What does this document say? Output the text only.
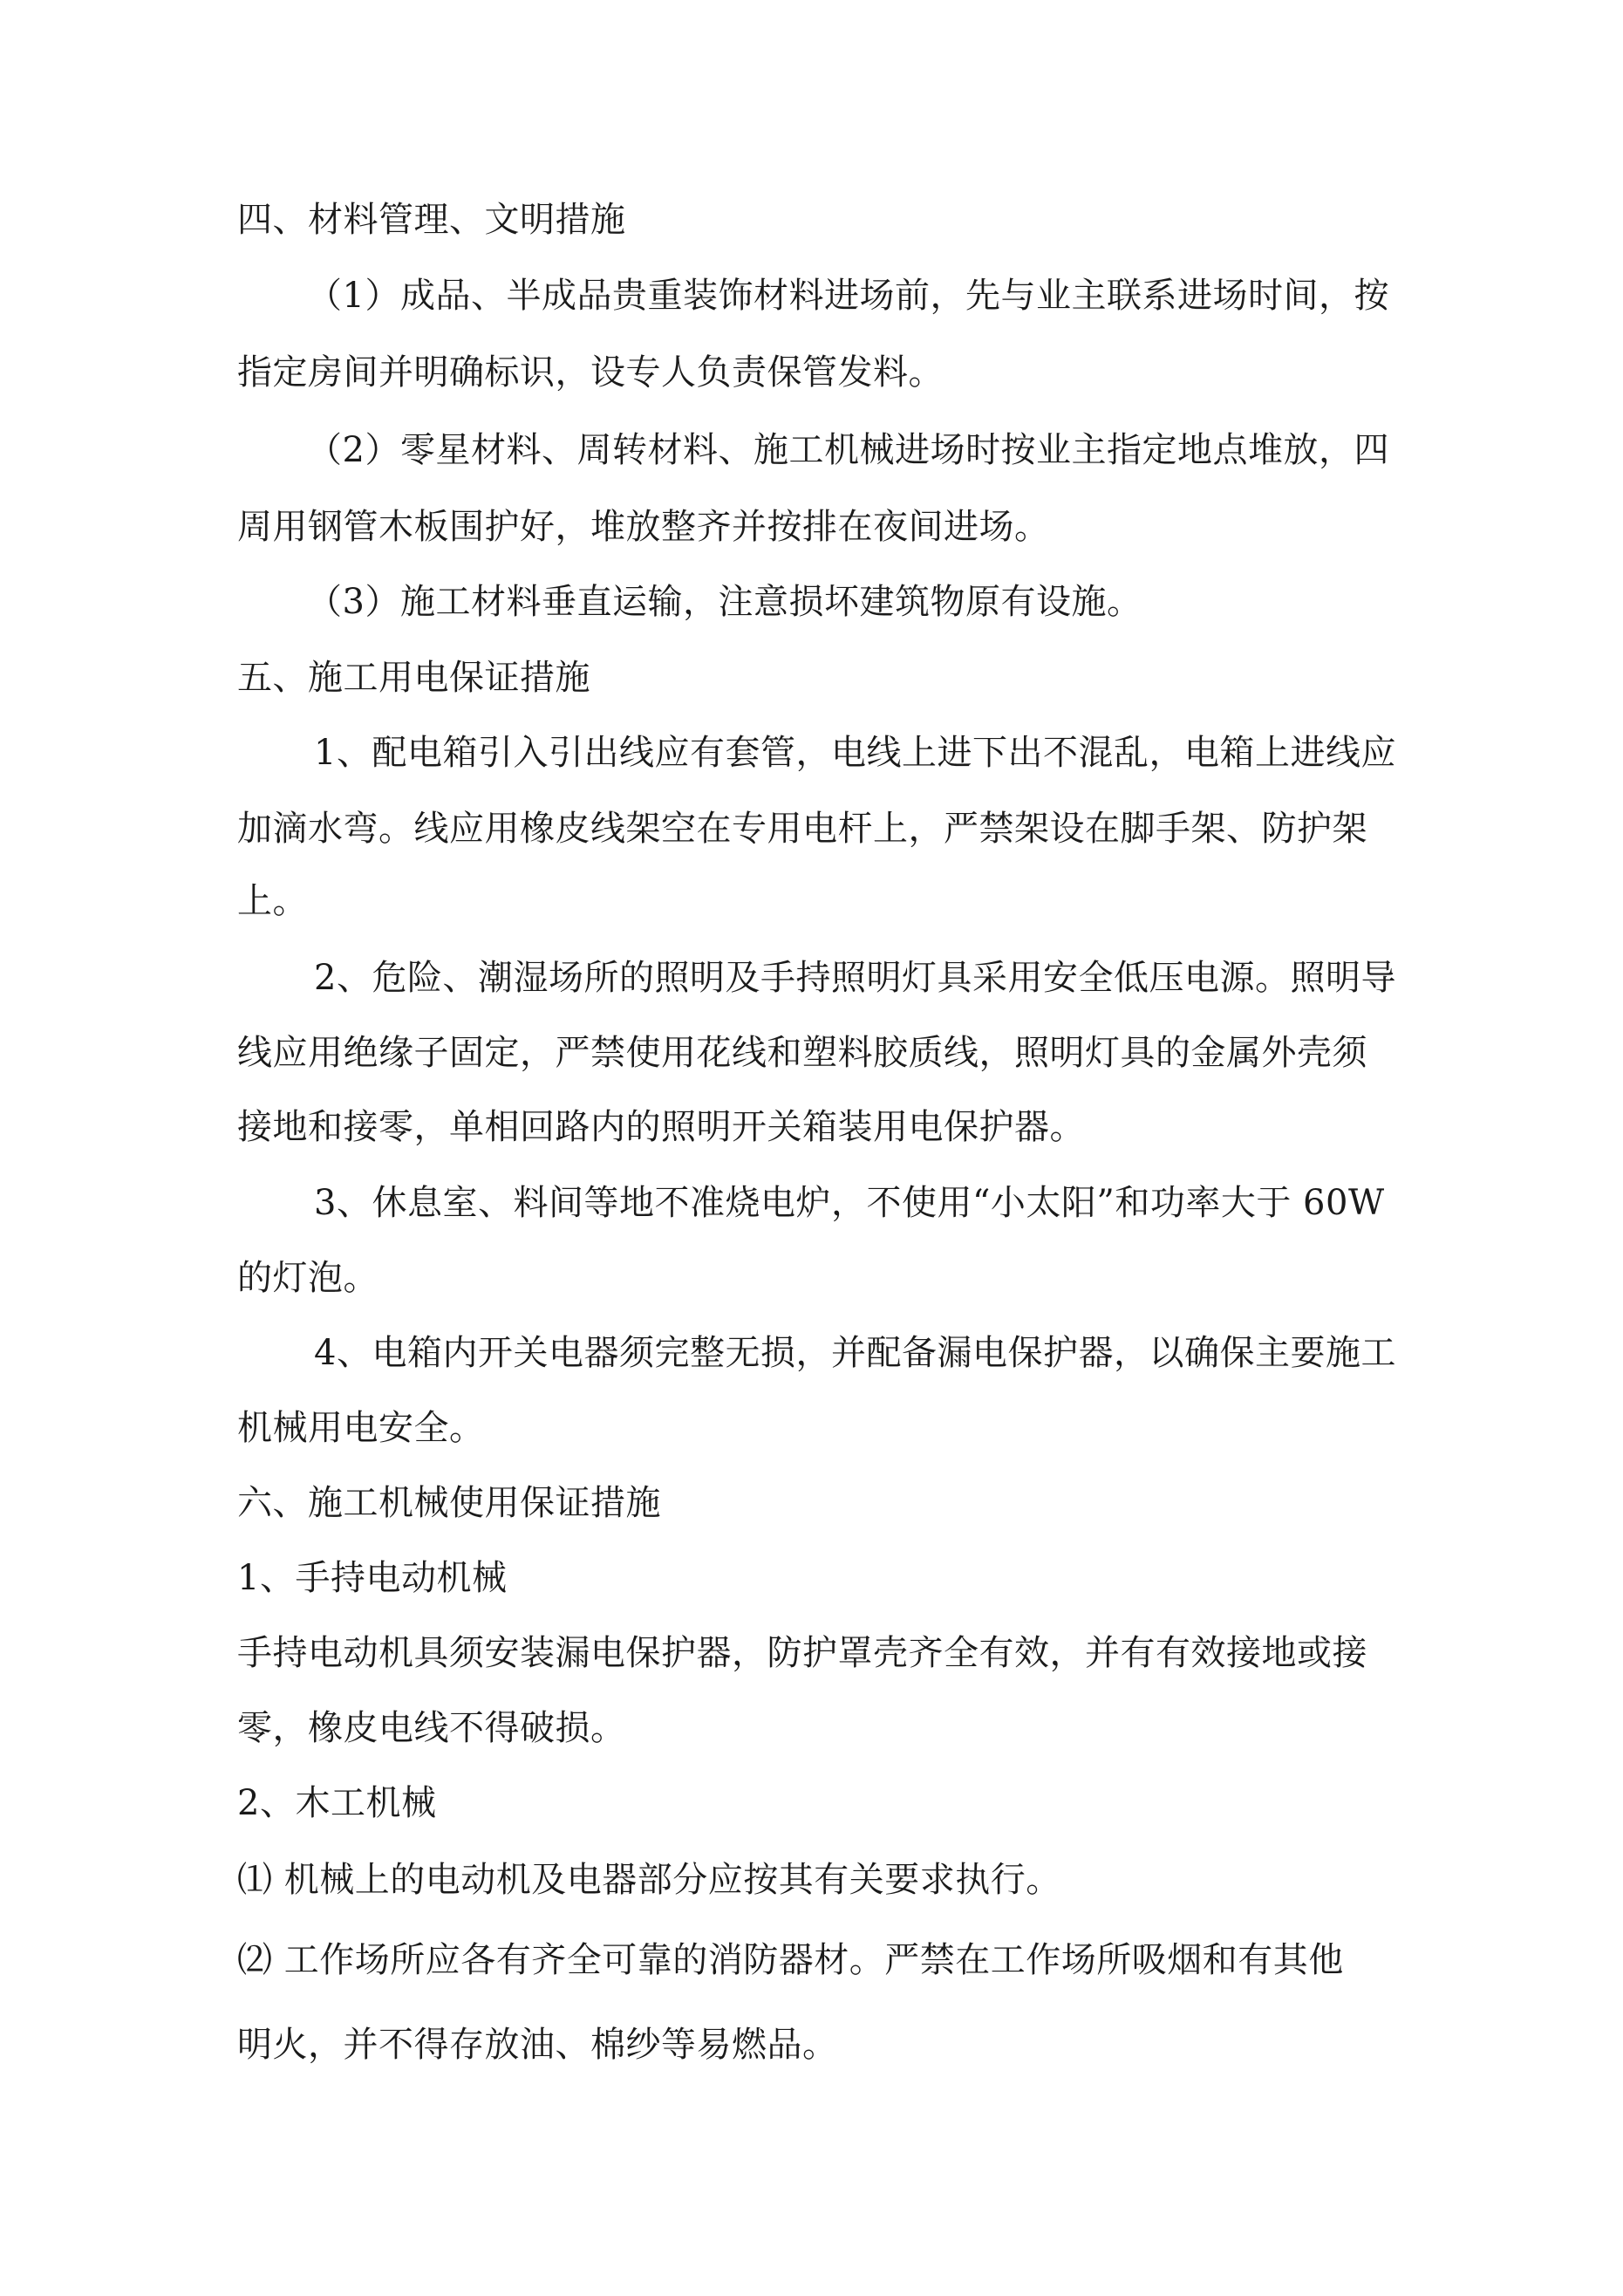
四、材料管理、文明措施
（1）成品、半成品贵重装饰材料进场前，先与业主联系进场时间，按
指定房间并明确标识，设专人负责保管发料。
（2）零星材料、周转材料、施工机械进场时按业主指定地点堆放，四
周用钢管木板围护好，堆放整齐并按排在夜间进场。
（3）施工材料垂直运输，注意损坏建筑物原有设施。
五、施工用电保证措施
1、配电箱引入引出线应有套管，电线上进下出不混乱，电箱上进线应
加滴水弯。线应用橡皮线架空在专用电杆上，严禁架设在脚手架、防护架
上。
2、危险、潮湿场所的照明及手持照明灯具采用安全低压电源。照明导
线应用绝缘子固定，严禁使用花线和塑料胶质线，照明灯具的金属外壳须
接地和接零，单相回路内的照明开关箱装用电保护器。
3、休息室、料间等地不准烧电炉，不使用“小太阳”和功率大于 60W
的灯泡。
4、电箱内开关电器须完整无损，并配备漏电保护器，以确保主要施工
机械用电安全。
六、施工机械使用保证措施
1、手持电动机械
手持电动机具须安装漏电保护器，防护罩壳齐全有效，并有有效接地或接
零，橡皮电线不得破损。
2、木工机械
⑴ 机械上的电动机及电器部分应按其有关要求执行。
⑵ 工作场所应各有齐全可靠的消防器材。严禁在工作场所吸烟和有其他
明火，并不得存放油、棉纱等易燃品。
